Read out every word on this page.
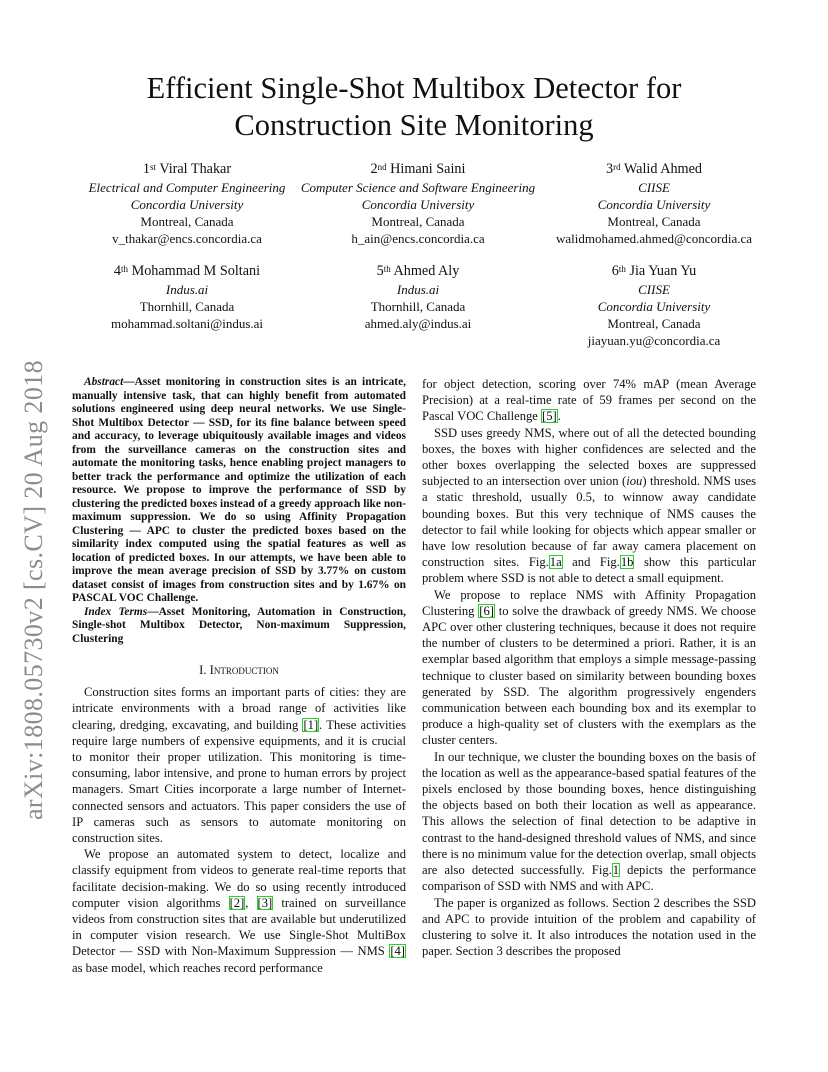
arXiv:1808.05730v2 [cs.CV] 20 Aug 2018
Efficient Single-Shot Multibox Detector for
Construction Site Monitoring
1st Viral Thakar
Electrical and Computer Engineering
Concordia University
Montreal, Canada
v_thakar@encs.concordia.ca
2nd Himani Saini
Computer Science and Software Engineering
Concordia University
Montreal, Canada
h_ain@encs.concordia.ca
3rd Walid Ahmed
CIISE
Concordia University
Montreal, Canada
walidmohamed.ahmed@concordia.ca
4th Mohammad M Soltani
Indus.ai
Thornhill, Canada
mohammad.soltani@indus.ai
5th Ahmed Aly
Indus.ai
Thornhill, Canada
ahmed.aly@indus.ai
6th Jia Yuan Yu
CIISE
Concordia University
Montreal, Canada
jiayuan.yu@concordia.ca

Abstract—Asset monitoring in construction sites is an intricate, manually intensive task, that can highly benefit from automated solutions engineered using deep neural networks. We use Single-Shot Multibox Detector — SSD, for its fine balance between speed and accuracy, to leverage ubiquitously available images and videos from the surveillance cameras on the construction sites and automate the monitoring tasks, hence enabling project managers to better track the performance and optimize the utilization of each resource. We propose to improve the performance of SSD by clustering the predicted boxes instead of a greedy approach like non-maximum suppression. We do so using Affinity Propagation Clustering — APC to cluster the predicted boxes based on the similarity index computed using the spatial features as well as location of predicted boxes. In our attempts, we have been able to improve the mean average precision of SSD by 3.77% on custom dataset consist of images from construction sites and by 1.67% on PASCAL VOC Challenge.

Index Terms—Asset Monitoring, Automation in Construction, Single-shot Multibox Detector, Non-maximum Suppression, Clustering

I. Introduction

Construction sites forms an important parts of cities: they are intricate environments with a broad range of activities like clearing, dredging, excavating, and building [1]. These activities require large numbers of expensive equipments, and it is crucial to monitor their proper utilization. This monitoring is time-consuming, labor intensive, and prone to human errors by project managers. Smart Cities incorporate a large number of Internet-connected sensors and actuators. This paper considers the use of IP cameras such as sensors to automate monitoring on construction sites.

We propose an automated system to detect, localize and classify equipment from videos to generate real-time reports that facilitate decision-making. We do so using recently introduced computer vision algorithms [2], [3] trained on surveillance videos from construction sites that are available but underutilized in computer vision research. We use Single-Shot MultiBox Detector — SSD with Non-Maximum Suppression — NMS [4] as base model, which reaches record performance

for object detection, scoring over 74% mAP (mean Average Precision) at a real-time rate of 59 frames per second on the Pascal VOC Challenge [5].

SSD uses greedy NMS, where out of all the detected bounding boxes, the boxes with higher confidences are selected and the other boxes overlapping the selected boxes are suppressed subjected to an intersection over union (iou) threshold. NMS uses a static threshold, usually 0.5, to winnow away candidate bounding boxes. But this very technique of NMS causes the detector to fail while looking for objects which appear smaller or have low resolution because of far away camera placement on construction sites. Fig.1a and Fig.1b show this particular problem where SSD is not able to detect a small equipment.

We propose to replace NMS with Affinity Propagation Clustering [6] to solve the drawback of greedy NMS. We choose APC over other clustering techniques, because it does not require the number of clusters to be determined a priori. Rather, it is an exemplar based algorithm that employs a simple message-passing technique to cluster based on similarity between bounding boxes generated by SSD. The algorithm progressively engenders communication between each bounding box and its exemplar to produce a high-quality set of clusters with the exemplars as the cluster centers.

In our technique, we cluster the bounding boxes on the basis of the location as well as the appearance-based spatial features of the pixels enclosed by those bounding boxes, hence distinguishing the objects based on both their location as well as appearance. This allows the selection of final detection to be adaptive in contrast to the hand-designed threshold values of NMS, and since there is no minimum value for the detection overlap, small objects are also detected successfully. Fig.1 depicts the performance comparison of SSD with NMS and with APC.

The paper is organized as follows. Section 2 describes the SSD and APC to provide intuition of the problem and capability of clustering to solve it. It also introduces the notation used in the paper. Section 3 describes the proposed
